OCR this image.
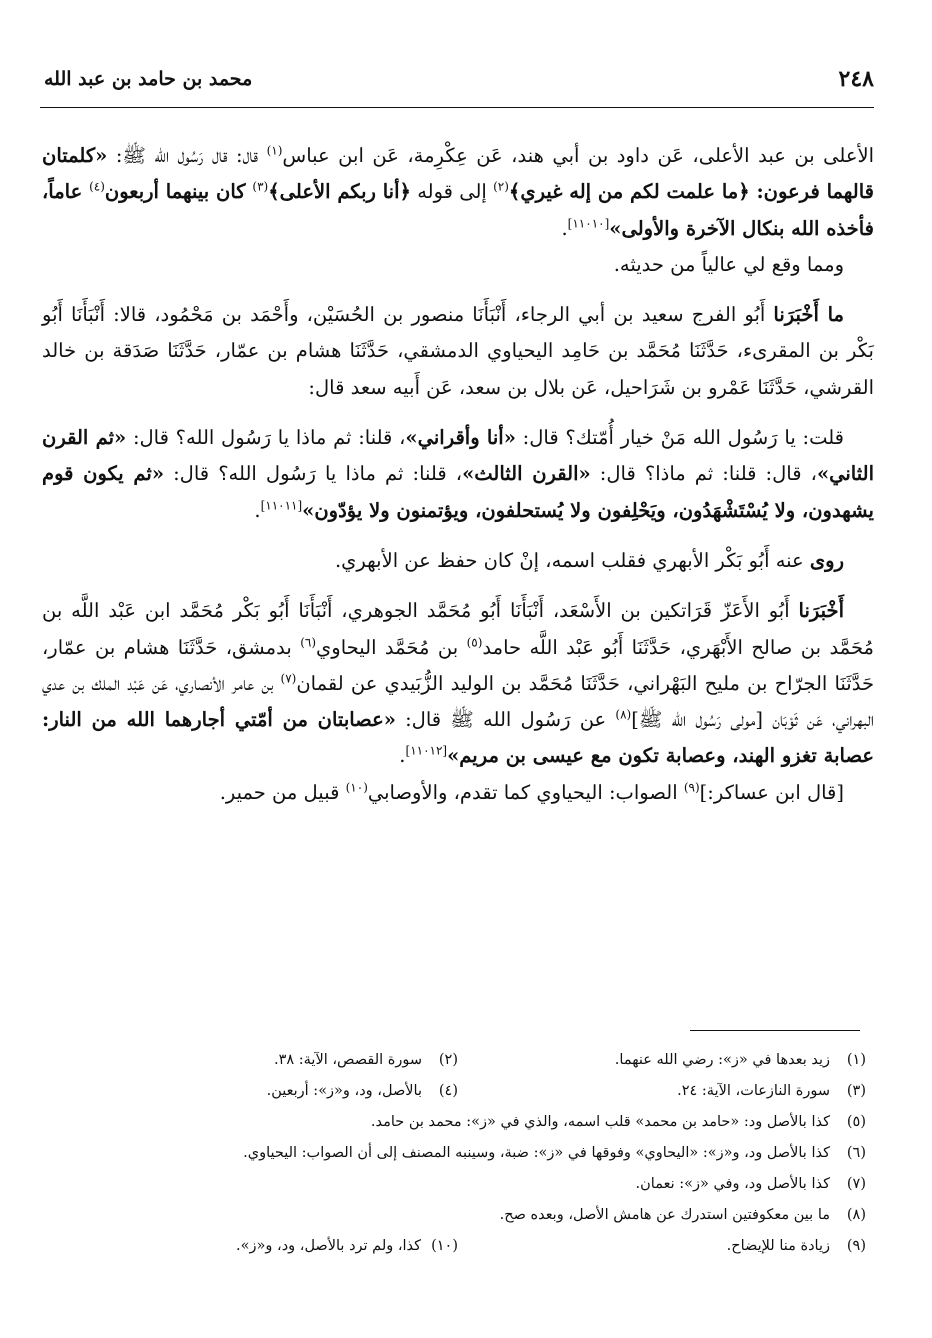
٢٤٨
محمد بن حامد بن عبد الله

الأعلى بن عبد الأعلى، عَن داود بن أبي هند، عَن عِكْرِمة، عَن ابن عباس$^{(١)}$ قال: قال رَسُول الله ﷺ: «كلمتان قالهما فرعون: ﴿ما علمت لكم من إله غيري﴾$^{(٢)}$ إلى قوله ﴿أنا ربكم الأعلى﴾$^{(٣)}$ كان بينهما أربعون$^{(٤)}$ عاماً، فأخذه الله بنكال الآخرة والأولى»[١١٠١٠].

ومما وقع لي عالياً من حديثه.

ما أَخْبَرَنا أَبُو الفرج سعيد بن أبي الرجاء، أَنْبَأَنَا منصور بن الحُسَيْن، وأَحْمَد بن مَحْمُود، قالا: أَنْبَأَنَا أَبُو بَكْر بن المقرىء، حَدَّثَنَا مُحَمَّد بن حَامِد اليحياوي الدمشقي، حَدَّثَنَا هشام بن عمّار، حَدَّثَنَا صَدَقة بن خالد القرشي، حَدَّثَنَا عَمْرو بن شَرَاحيل، عَن بلال بن سعد، عَن أَبيه سعد قال:

قلت: يا رَسُول الله مَنْ خيار أُمّتك؟ قال: «أنا وأقراني»، قلنا: ثم ماذا يا رَسُول الله؟ قال: «ثم القرن الثاني»، قال: قلنا: ثم ماذا؟ قال: «القرن الثالث»، قلنا: ثم ماذا يا رَسُول الله؟ قال: «ثم يكون قوم يشهدون، ولا يُسْتَشْهَدُون، ويَحْلِفون ولا يُستحلفون، ويؤتمنون ولا يؤدّون»[١١٠١١].

روى عنه أَبُو بَكْر الأبهري فقلب اسمه، إنْ كان حفظ عن الأبهري.

أَخْبَرَنا أَبُو الأَعَزّ قَرَاتكين بن الأَسْعَد، أَنْبَأَنَا أَبُو مُحَمَّد الجوهري، أَنْبَأَنَا أَبُو بَكْر مُحَمَّد ابن عَبْد اللَّه بن مُحَمَّد بن صالح الأَبْهَري، حَدَّثَنَا أَبُو عَبْد اللَّه حامد$^{(٥)}$ بن مُحَمَّد اليحاوي$^{(٦)}$ بدمشق، حَدَّثَنَا هشام بن عمّار، حَدَّثَنَا الجرّاح بن مليح البَهْراني، حَدَّثَنَا مُحَمَّد بن الوليد الزُّبَيدي عن لقمان$^{(٧)}$ بن عامر الأنصاري، عَن عَبْد الملك بن عدي البهراني، عَن ثَوْبَان [مولى رَسُول الله ﷺ]$^{(٨)}$ عن رَسُول الله ﷺ قال: «عصابتان من أمّتي أجارهما الله من النار: عصابة تغزو الهند، وعصابة تكون مع عيسى بن مريم»[١١٠١٢].

[قال ابن عساكر:]$^{(٩)}$ الصواب: اليحياوي كما تقدم، والأوصابي$^{(١٠)}$ قبيل من حمير.

(١)
زيد بعدها في «ز»: رضي الله عنهما.
(٢)
سورة القصص، الآية: ٣٨.
(٣)
سورة النازعات، الآية: ٢٤.
(٤)
بالأصل، ود، و«ز»: أربعين.
(٥)
كذا بالأصل ود: «حامد بن محمد» قلب اسمه، والذي في «ز»: محمد بن حامد.
(٦)
كذا بالأصل ود، و«ز»: «اليحاوي» وفوقها في «ز»: ضبة، وسينبه المصنف إلى أن الصواب: اليحياوي.
(٧)
كذا بالأصل ود، وفي «ز»: نعمان.
(٨)
ما بين معكوفتين استدرك عن هامش الأصل، وبعده صح.
(٩)
زيادة منا للإيضاح.
(١٠)
كذا، ولم ترد بالأصل، ود، و«ز».
